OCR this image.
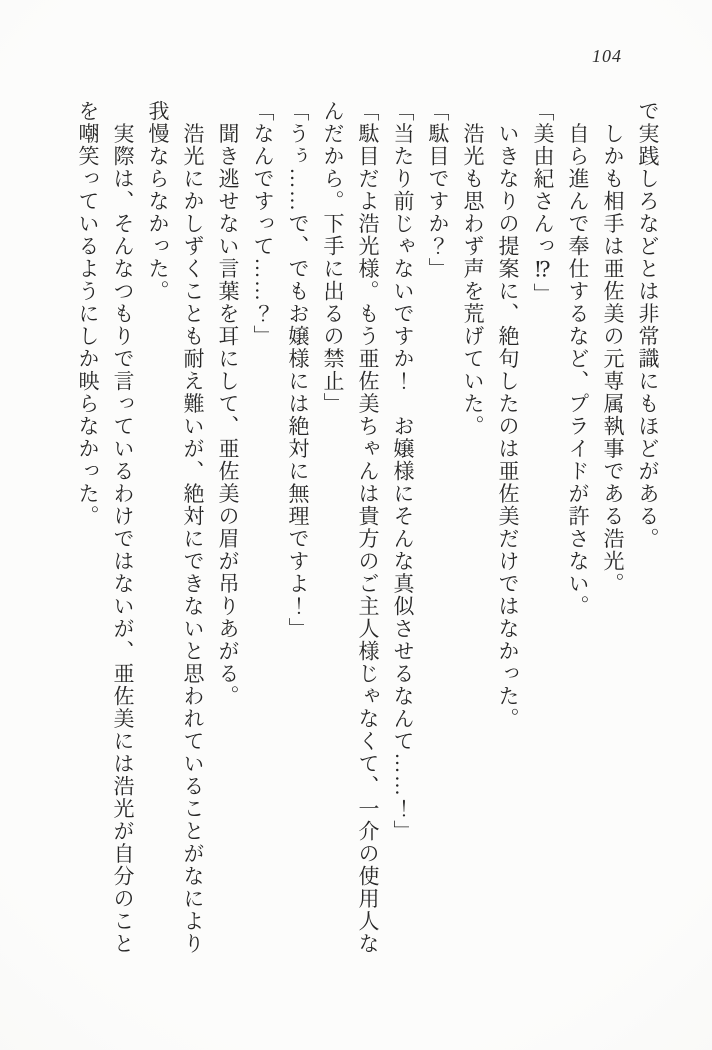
104

で実践しろなどとは非常識にもほどがある。

　しかも相手は亜佐美の元専属執事である浩光。

　自ら進んで奉仕するなど、プライドが許さない。

「美由紀さんっ⁉」

　いきなりの提案に、絶句したのは亜佐美だけではなかった。

　浩光も思わず声を荒げていた。

「駄目ですか？」

「当たり前じゃないですか！　お嬢様にそんな真似させるなんて……！」

「駄目だよ浩光様。もう亜佐美ちゃんは貴方のご主人様じゃなくて、一介の使用人な

んだから。下手に出るの禁止」

「うぅ……で、でもお嬢様には絶対に無理ですよ！」

「なんですって……？」

　聞き逃せない言葉を耳にして、亜佐美の眉が吊りあがる。

　浩光にかしずくことも耐え難いが、絶対にできないと思われていることがなにより

我慢ならなかった。

　実際は、そんなつもりで言っているわけではないが、亜佐美には浩光が自分のこと

を嘲笑っているようにしか映らなかった。
